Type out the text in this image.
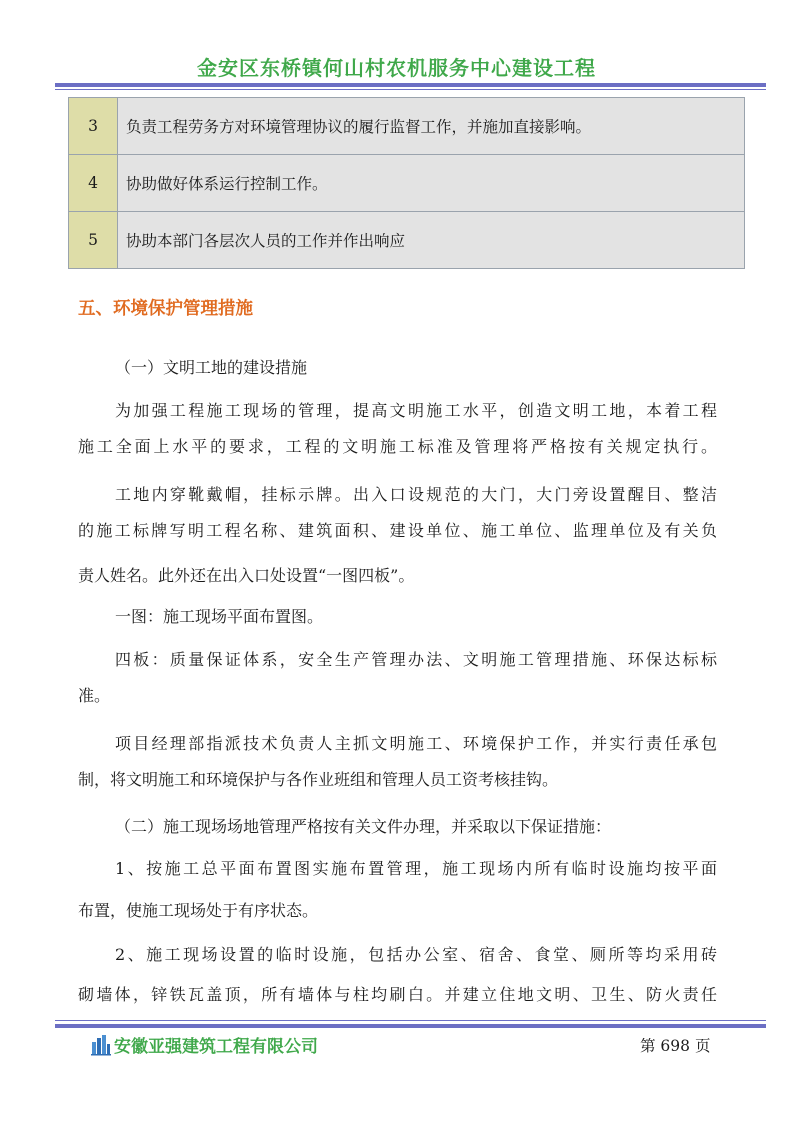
金安区东桥镇何山村农机服务中心建设工程
3	负责工程劳务方对环境管理协议的履行监督工作，并施加直接影响。
4	协助做好体系运行控制工作。
5	协助本部门各层次人员的工作并作出响应
五、环境保护管理措施
（一）文明工地的建设措施
为加强工程施工现场的管理，提高文明施工水平，创造文明工地，本着工程
施工全面上水平的要求，工程的文明施工标准及管理将严格按有关规定执行。
工地内穿靴戴帽，挂标示牌。出入口设规范的大门，大门旁设置醒目、整洁
的施工标牌写明工程名称、建筑面积、建设单位、施工单位、监理单位及有关负
责人姓名。此外还在出入口处设置“一图四板”。
一图：施工现场平面布置图。
四板：质量保证体系，安全生产管理办法、文明施工管理措施、环保达标标
准。
项目经理部指派技术负责人主抓文明施工、环境保护工作，并实行责任承包
制，将文明施工和环境保护与各作业班组和管理人员工资考核挂钩。
（二）施工现场场地管理严格按有关文件办理，并采取以下保证措施：
1、按施工总平面布置图实施布置管理，施工现场内所有临时设施均按平面
布置，使施工现场处于有序状态。
2、施工现场设置的临时设施，包括办公室、宿舍、食堂、厕所等均采用砖
砌墙体，锌铁瓦盖顶，所有墙体与柱均刷白。并建立住地文明、卫生、防火责任
安徽亚强建筑工程有限公司	第 698 页
